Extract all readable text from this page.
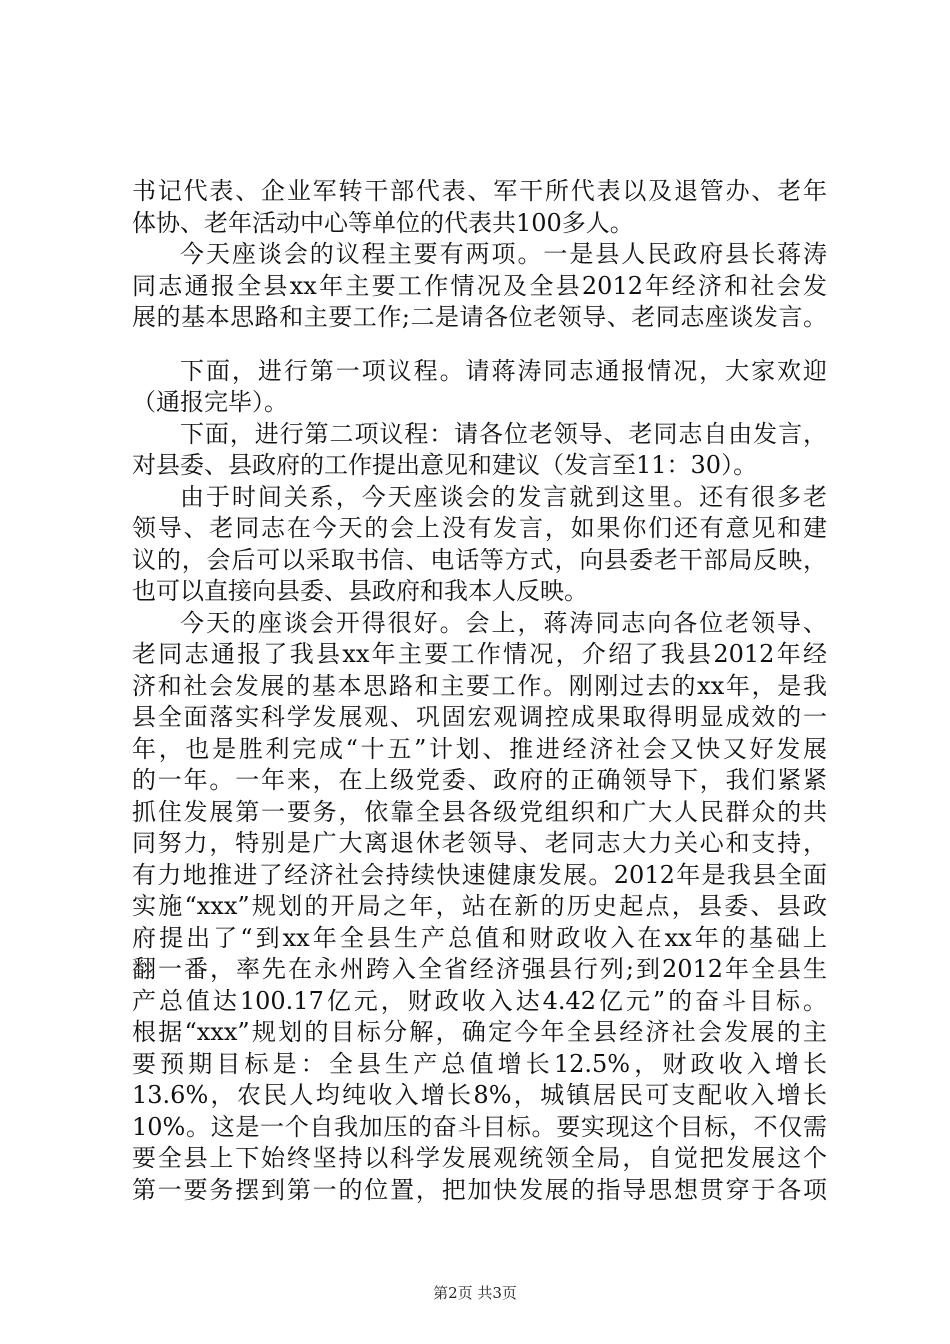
书记代表、企业军转干部代表、军干所代表以及退管办、老年
体协、老年活动中心等单位的代表共100多人。
今天座谈会的议程主要有两项。一是县人民政府县长蒋涛
同志通报全县xx年主要工作情况及全县2012年经济和社会发
展的基本思路和主要工作;二是请各位老领导、老同志座谈发言。
下面，进行第一项议程。请蒋涛同志通报情况，大家欢迎
（通报完毕）。
下面，进行第二项议程：请各位老领导、老同志自由发言，
对县委、县政府的工作提出意见和建议（发言至11：30）。
由于时间关系，今天座谈会的发言就到这里。还有很多老
领导、老同志在今天的会上没有发言，如果你们还有意见和建
议的，会后可以采取书信、电话等方式，向县委老干部局反映，
也可以直接向县委、县政府和我本人反映。
今天的座谈会开得很好。会上，蒋涛同志向各位老领导、
老同志通报了我县xx年主要工作情况，介绍了我县2012年经
济和社会发展的基本思路和主要工作。刚刚过去的xx年，是我
县全面落实科学发展观、巩固宏观调控成果取得明显成效的一
年，也是胜利完成“十五”计划、推进经济社会又快又好发展
的一年。一年来，在上级党委、政府的正确领导下，我们紧紧
抓住发展第一要务，依靠全县各级党组织和广大人民群众的共
同努力，特别是广大离退休老领导、老同志大力关心和支持，
有力地推进了经济社会持续快速健康发展。2012年是我县全面
实施“xxx”规划的开局之年，站在新的历史起点，县委、县政
府提出了“到xx年全县生产总值和财政收入在xx年的基础上
翻一番，率先在永州跨入全省经济强县行列;到2012年全县生
产总值达100.17亿元，财政收入达4.42亿元”的奋斗目标。
根据“xxx”规划的目标分解，确定今年全县经济社会发展的主
要预期目标是：全县生产总值增长12.5%，财政收入增长
13.6%，农民人均纯收入增长8%，城镇居民可支配收入增长
10%。这是一个自我加压的奋斗目标。要实现这个目标，不仅需
要全县上下始终坚持以科学发展观统领全局，自觉把发展这个
第一要务摆到第一的位置，把加快发展的指导思想贯穿于各项
第2页 共3页
